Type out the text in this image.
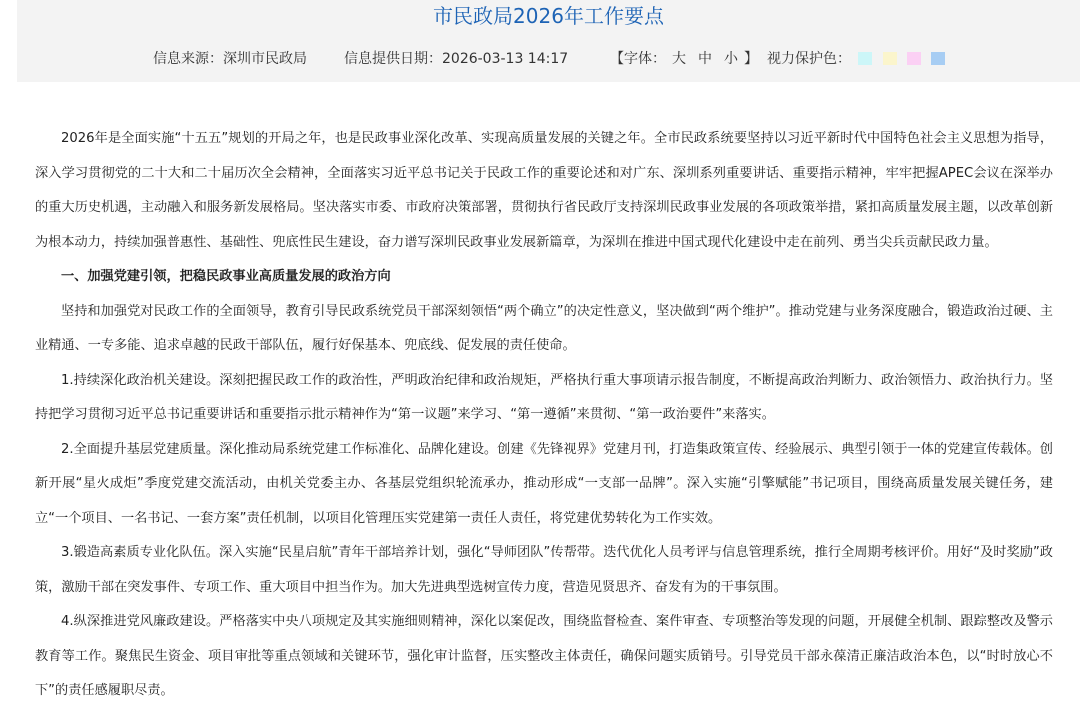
市民政局2026年工作要点
信息来源：深圳市民政局	信息提供日期：2026-03-13 14:17	【字体： 大 中 小 】 视力保护色：

2026年是全面实施“十五五”规划的开局之年，也是民政事业深化改革、实现高质量发展的关键之年。全市民政系统要坚持以习近平新时代中国特色社会主义思想为指导，深入学习贯彻党的二十大和二十届历次全会精神，全面落实习近平总书记关于民政工作的重要论述和对广东、深圳系列重要讲话、重要指示精神，牢牢把握APEC会议在深举办的重大历史机遇，主动融入和服务新发展格局。坚决落实市委、市政府决策部署，贯彻执行省民政厅支持深圳民政事业发展的各项政策举措，紧扣高质量发展主题，以改革创新为根本动力，持续加强普惠性、基础性、兜底性民生建设，奋力谱写深圳民政事业发展新篇章，为深圳在推进中国式现代化建设中走在前列、勇当尖兵贡献民政力量。

一、加强党建引领，把稳民政事业高质量发展的政治方向

坚持和加强党对民政工作的全面领导，教育引导民政系统党员干部深刻领悟“两个确立”的决定性意义，坚决做到“两个维护”。推动党建与业务深度融合，锻造政治过硬、主业精通、一专多能、追求卓越的民政干部队伍，履行好保基本、兜底线、促发展的责任使命。

1.持续深化政治机关建设。深刻把握民政工作的政治性，严明政治纪律和政治规矩，严格执行重大事项请示报告制度，不断提高政治判断力、政治领悟力、政治执行力。坚持把学习贯彻习近平总书记重要讲话和重要指示批示精神作为“第一议题”来学习、“第一遵循”来贯彻、“第一政治要件”来落实。

2.全面提升基层党建质量。深化推动局系统党建工作标准化、品牌化建设。创建《先锋视界》党建月刊，打造集政策宣传、经验展示、典型引领于一体的党建宣传载体。创新开展“星火成炬”季度党建交流活动，由机关党委主办、各基层党组织轮流承办，推动形成“一支部一品牌”。深入实施“引擎赋能”书记项目，围绕高质量发展关键任务，建立“一个项目、一名书记、一套方案”责任机制，以项目化管理压实党建第一责任人责任，将党建优势转化为工作实效。

3.锻造高素质专业化队伍。深入实施“民星启航”青年干部培养计划，强化“导师团队”传帮带。迭代优化人员考评与信息管理系统，推行全周期考核评价。用好“及时奖励”政策，激励干部在突发事件、专项工作、重大项目中担当作为。加大先进典型选树宣传力度，营造见贤思齐、奋发有为的干事氛围。

4.纵深推进党风廉政建设。严格落实中央八项规定及其实施细则精神，深化以案促改，围绕监督检查、案件审查、专项整治等发现的问题，开展健全机制、跟踪整改及警示教育等工作。聚焦民生资金、项目审批等重点领域和关键环节，强化审计监督，压实整改主体责任，确保问题实质销号。引导党员干部永葆清正廉洁政治本色，以“时时放心不下”的责任感履职尽责。
